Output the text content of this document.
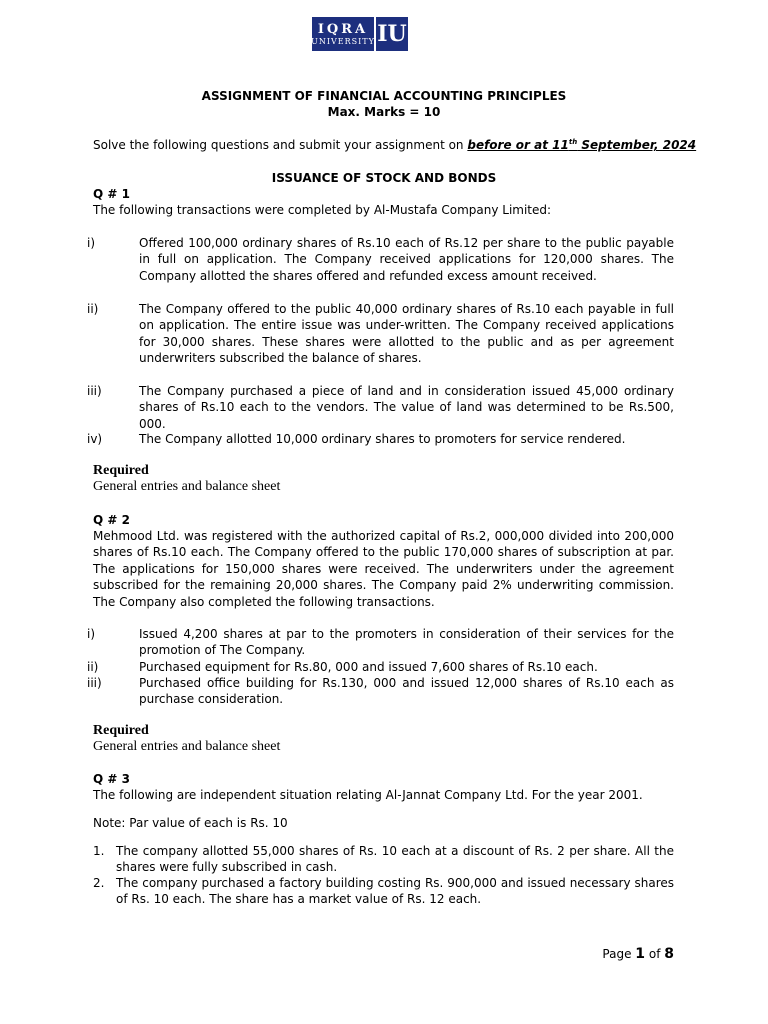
IQRA
UNIVERSITY IU
ASSIGNMENT OF FINANCIAL ACCOUNTING PRINCIPLES
Max. Marks = 10
Solve the following questions and submit your assignment on before or at 11th September, 2024
ISSUANCE OF STOCK AND BONDS
Q # 1
The following transactions were completed by Al-Mustafa Company Limited:
i)	Offered 100,000 ordinary shares of Rs.10 each of Rs.12 per share to the public payable in full on application. The Company received applications for 120,000 shares. The Company allotted the shares offered and refunded excess amount received.
ii)	The Company offered to the public 40,000 ordinary shares of Rs.10 each payable in full on application. The entire issue was under-written. The Company received applications for 30,000 shares. These shares were allotted to the public and as per agreement underwriters subscribed the balance of shares.
iii)	The Company purchased a piece of land and in consideration issued 45,000 ordinary shares of Rs.10 each to the vendors. The value of land was determined to be Rs.500, 000.
iv)	The Company allotted 10,000 ordinary shares to promoters for service rendered.
Required
General entries and balance sheet
Q # 2
Mehmood Ltd. was registered with the authorized capital of Rs.2, 000,000 divided into 200,000 shares of Rs.10 each. The Company offered to the public 170,000 shares of subscription at par. The applications for 150,000 shares were received. The underwriters under the agreement subscribed for the remaining 20,000 shares. The Company paid 2% underwriting commission. The Company also completed the following transactions.
i)	Issued 4,200 shares at par to the promoters in consideration of their services for the promotion of The Company.
ii)	Purchased equipment for Rs.80, 000 and issued 7,600 shares of Rs.10 each.
iii)	Purchased office building for Rs.130, 000 and issued 12,000 shares of Rs.10 each as purchase consideration.
Required
General entries and balance sheet
Q # 3
The following are independent situation relating Al-Jannat Company Ltd. For the year 2001.
Note: Par value of each is Rs. 10
1. The company allotted 55,000 shares of Rs. 10 each at a discount of Rs. 2 per share. All the shares were fully subscribed in cash.
2. The company purchased a factory building costing Rs. 900,000 and issued necessary shares of Rs. 10 each. The share has a market value of Rs. 12 each.
Page 1 of 8
